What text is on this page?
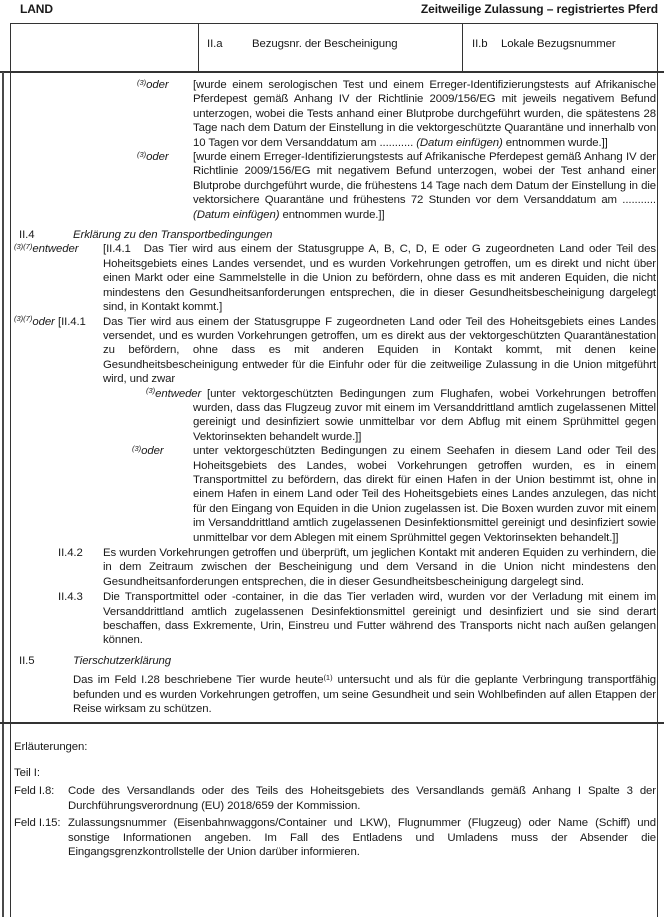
LAND	Zeitweilige Zulassung – registriertes Pferd
II.a	Bezugsnr. der Bescheinigung	II.b Lokale Bezugsnummer
$^{(3)}$oder [wurde einem serologischen Test und einem Erreger-Identifizierungstests auf Afrikanische Pferdepest gemäß Anhang IV der Richtlinie 2009/156/EG mit jeweils negativem Befund unterzogen, wobei die Tests anhand einer Blutprobe durchgeführt wurden, die spätestens 28 Tage nach dem Datum der Einstellung in die vektorgeschützte Quarantäne und innerhalb von 10 Tagen vor dem Versanddatum am ........... (Datum einfügen) entnommen wurde.]]
$^{(3)}$oder [wurde einem Erreger-Identifizierungstests auf Afrikanische Pferdepest gemäß Anhang IV der Richtlinie 2009/156/EG mit negativem Befund unterzogen, wobei der Test anhand einer Blutprobe durchgeführt wurde, die frühestens 14 Tage nach dem Datum der Einstellung in die vektorsichere Quarantäne und frühestens 72 Stunden vor dem Versanddatum am ........... (Datum einfügen) entnommen wurde.]]
II.4	Erklärung zu den Transportbedingungen
$^{(3)(7)}$entweder [II.4.1 Das Tier wird aus einem der Statusgruppe A, B, C, D, E oder G zugeordneten Land oder Teil des Hoheitsgebiets eines Landes versendet, und es wurden Vorkehrungen getroffen, um es direkt und nicht über einen Markt oder eine Sammelstelle in die Union zu befördern, ohne dass es mit anderen Equiden, die nicht mindestens den Gesundheitsanforderungen entsprechen, die in dieser Gesundheitsbescheinigung dargelegt sind, in Kontakt kommt.]
$^{(3)(7)}$oder [II.4.1 Das Tier wird aus einem der Statusgruppe F zugeordneten Land oder Teil des Hoheitsgebiets eines Landes versendet, und es wurden Vorkehrungen getroffen, um es direkt aus der vektorgeschützten Quarantänestation zu befördern, ohne dass es mit anderen Equiden in Kontakt kommt, mit denen keine Gesundheitsbescheinigung entweder für die Einfuhr oder für die zeitweilige Zulassung in die Union mitgeführt wird, und zwar
$^{(3)}$entweder [unter vektorgeschützten Bedingungen zum Flughafen, wobei Vorkehrungen betroffen wurden, dass das Flugzeug zuvor mit einem im Versanddrittland amtlich zugelassenen Mittel gereinigt und desinfiziert sowie unmittelbar vor dem Abflug mit einem Sprühmittel gegen Vektorinsekten behandelt wurde.]]
$^{(3)}$oder	unter vektorgeschützten Bedingungen zu einem Seehafen in diesem Land oder Teil des Hoheitsgebiets des Landes, wobei Vorkehrungen getroffen wurden, es in einem Transportmittel zu befördern, das direkt für einen Hafen in der Union bestimmt ist, ohne in einem Hafen in einem Land oder Teil des Hoheitsgebiets eines Landes anzulegen, das nicht für den Eingang von Equiden in die Union zugelassen ist. Die Boxen wurden zuvor mit einem im Versanddrittland amtlich zugelassenen Desinfektionsmittel gereinigt und desinfiziert sowie unmittelbar vor dem Ablegen mit einem Sprühmittel gegen Vektorinsekten behandelt.]]
II.4.2 Es wurden Vorkehrungen getroffen und überprüft, um jeglichen Kontakt mit anderen Equiden zu verhindern, die in dem Zeitraum zwischen der Bescheinigung und dem Versand in die Union nicht mindestens den Gesundheitsanforderungen entsprechen, die in dieser Gesundheitsbescheinigung dargelegt sind.
II.4.3 Die Transportmittel oder -container, in die das Tier verladen wird, wurden vor der Verladung mit einem im Versanddrittland amtlich zugelassenen Desinfektionsmittel gereinigt und desinfiziert und sie sind derart beschaffen, dass Exkremente, Urin, Einstreu und Futter während des Transports nicht nach außen gelangen können.
II.5	Tierschutzerklärung
Das im Feld I.28 beschriebene Tier wurde heute$^{(1)}$ untersucht und als für die geplante Verbringung transportfähig befunden und es wurden Vorkehrungen getroffen, um seine Gesundheit und sein Wohlbefinden auf allen Etappen der Reise wirksam zu schützen.
Erläuterungen:
Teil I:
Feld I.8: Code des Versandlands oder des Teils des Hoheitsgebiets des Versandlands gemäß Anhang I Spalte 3 der Durchführungsverordnung (EU) 2018/659 der Kommission.
Feld I.15: Zulassungsnummer (Eisenbahnwaggons/Container und LKW), Flugnummer (Flugzeug) oder Name (Schiff) und sonstige Informationen angeben. Im Fall des Entladens und Umladens muss der Absender die Eingangsgrenzkontrollstelle der Union darüber informieren.
